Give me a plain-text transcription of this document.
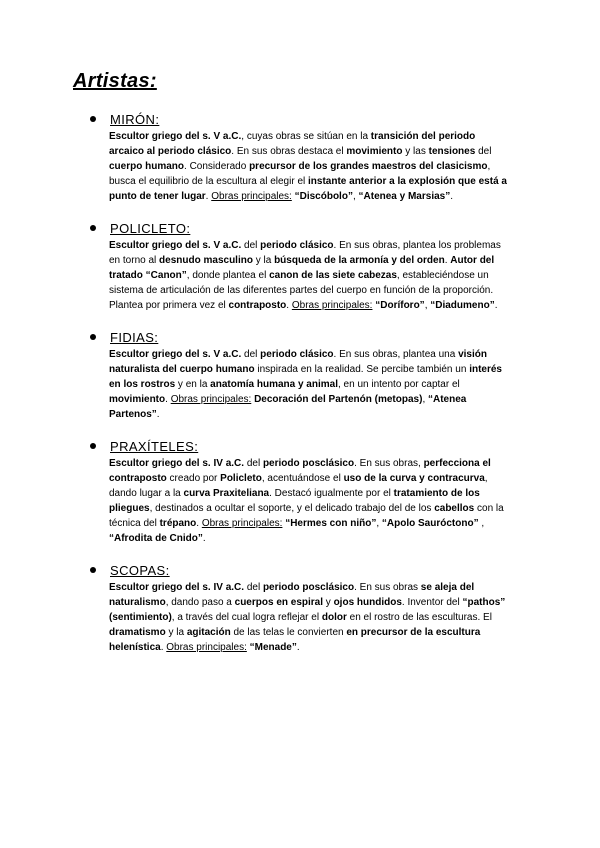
Artistas:
MIRÓN:

Escultor griego del s. V a.C., cuyas obras se sitúan en la transición del periodo arcaico al periodo clásico. En sus obras destaca el movimiento y las tensiones del cuerpo humano. Considerado precursor de los grandes maestros del clasicismo, busca el equilibrio de la escultura al elegir el instante anterior a la explosión que está a punto de tener lugar. Obras principales: “Discóbolo”, “Atenea y Marsias”.

POLICLETO:

Escultor griego del s. V a.C. del periodo clásico. En sus obras, plantea los problemas en torno al desnudo masculino y la búsqueda de la armonía y del orden. Autor del tratado “Canon”, donde plantea el canon de las siete cabezas, estableciéndose un sistema de articulación de las diferentes partes del cuerpo en función de la proporción. Plantea por primera vez el contraposto. Obras principales: “Doríforo”, “Diadumeno”.

FIDIAS:

Escultor griego del s. V a.C. del periodo clásico. En sus obras, plantea una visión naturalista del cuerpo humano inspirada en la realidad. Se percibe también un interés en los rostros y en la anatomía humana y animal, en un intento por captar el movimiento. Obras principales: Decoración del Partenón (metopas), “Atenea Partenos”.

PRAXÍTELES:

Escultor griego del s. IV a.C. del periodo posclásico. En sus obras, perfecciona el contraposto creado por Policleto, acentuándose el uso de la curva y contracurva, dando lugar a la curva Praxiteliana. Destacó igualmente por el tratamiento de los pliegues, destinados a ocultar el soporte, y el delicado trabajo del de los cabellos con la técnica del trépano. Obras principales: “Hermes con niño”, “Apolo Sauróctono” , “Afrodita de Cnido”.

SCOPAS:

Escultor griego del s. IV a.C. del periodo posclásico. En sus obras se aleja del naturalismo, dando paso a cuerpos en espiral y ojos hundidos. Inventor del “pathos” (sentimiento), a través del cual logra reflejar el dolor en el rostro de las esculturas. El dramatismo y la agitación de las telas le convierten en precursor de la escultura helenística. Obras principales: “Menade”.
